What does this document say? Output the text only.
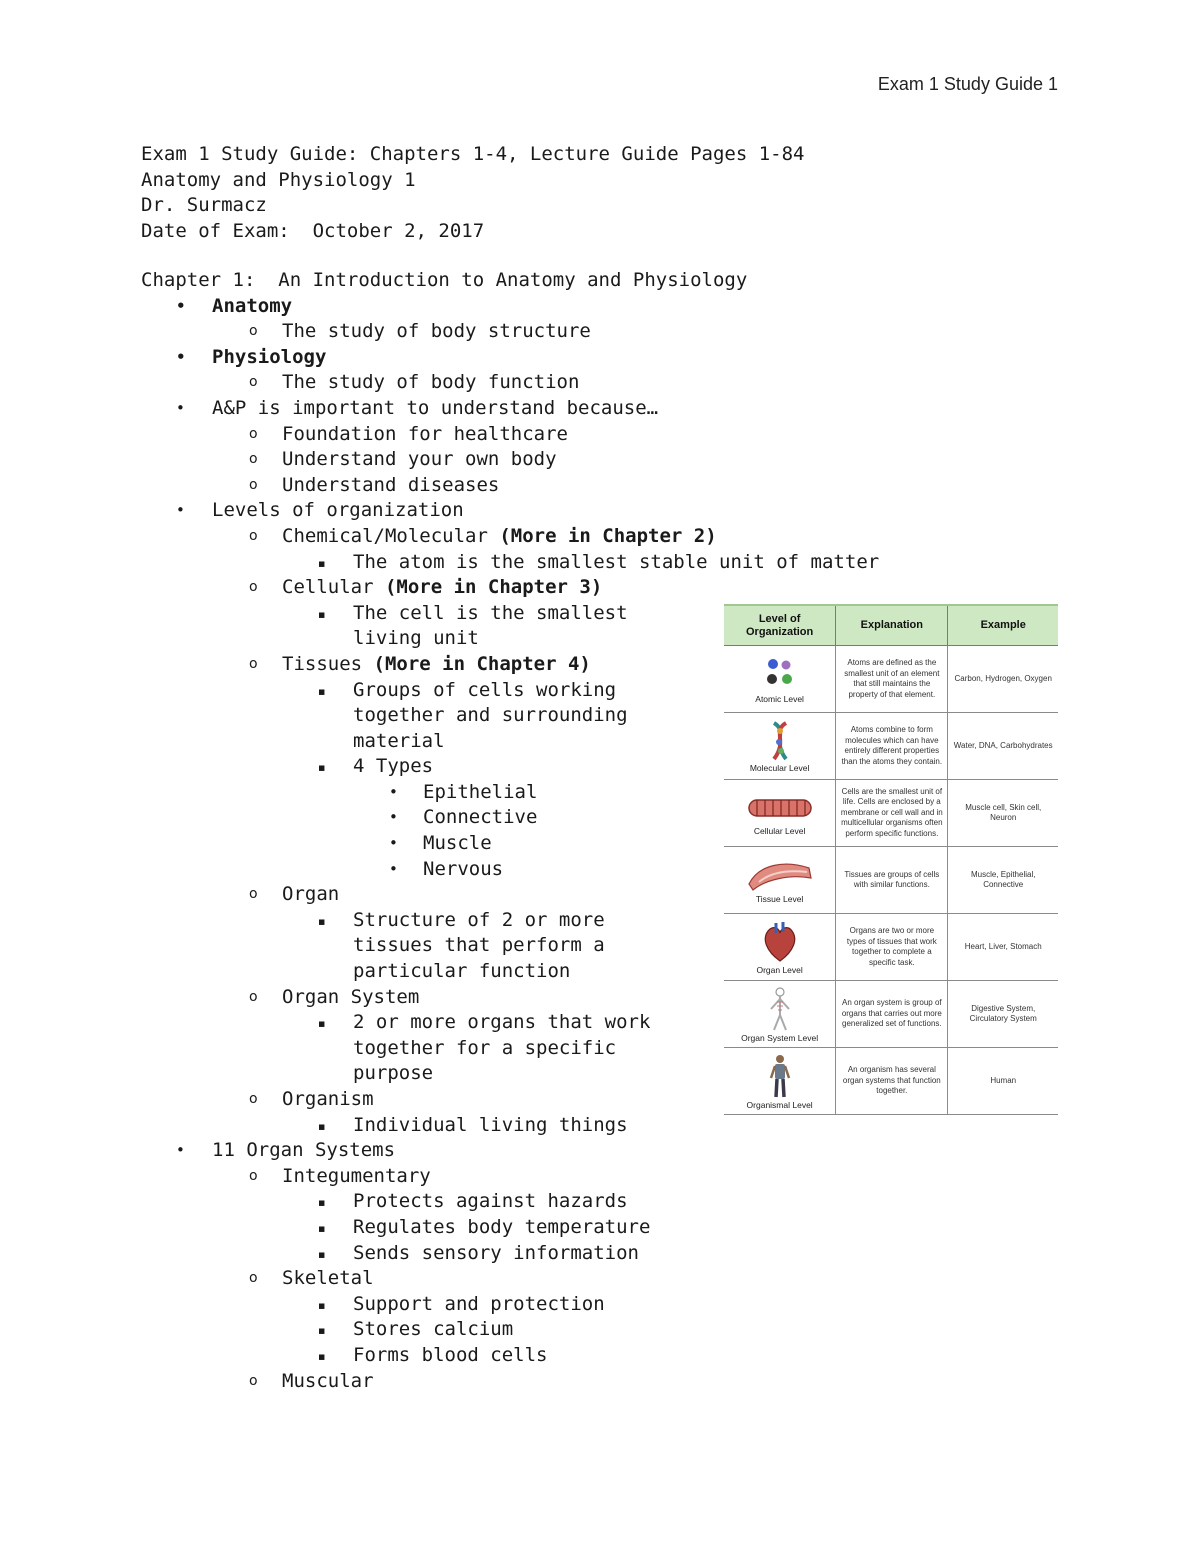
Exam 1 Study Guide 1
Exam 1 Study Guide: Chapters 1-4, Lecture Guide Pages 1-84
Anatomy and Physiology 1
Dr. Surmacz
Date of Exam:  October 2, 2017
Chapter 1:  An Introduction to Anatomy and Physiology
• Anatomy
o The study of body structure
• Physiology
o The study of body function
• A&P is important to understand because…
o Foundation for healthcare
o Understand your own body
o Understand diseases
• Levels of organization
o Chemical/Molecular (More in Chapter 2)
▪ The atom is the smallest stable unit of matter
o Cellular (More in Chapter 3)
▪ The cell is the smallest
living unit
o Tissues (More in Chapter 4)
▪ Groups of cells working
together and surrounding
material
▪ 4 Types
• Epithelial
• Connective
• Muscle
• Nervous
o Organ
▪ Structure of 2 or more
tissues that perform a
particular function
o Organ System
▪ 2 or more organs that work
together for a specific
purpose
o Organism
▪ Individual living things
• 11 Organ Systems
o Integumentary
▪ Protects against hazards
▪ Regulates body temperature
▪ Sends sensory information
o Skeletal
▪ Support and protection
▪ Stores calcium
▪ Forms blood cells
o Muscular
Level of Organization	Explanation	Example

Atomic Level	Atoms are defined as the smallest unit of an element that still maintains the property of that element.	Carbon, Hydrogen, Oxygen

Molecular Level	Atoms combine to form molecules which can have entirely different properties than the atoms they contain.	Water, DNA, Carbohydrates

Cellular Level	Cells are the smallest unit of life. Cells are enclosed by a membrane or cell wall and in multicellular organisms often perform specific functions.	Muscle cell, Skin cell, Neuron

Tissue Level	Tissues are groups of cells with similar functions.	Muscle, Epithelial, Connective

Organ Level	Organs are two or more types of tissues that work together to complete a specific task.	Heart, Liver, Stomach

Organ System Level	An organ system is group of organs that carries out more generalized set of functions.	Digestive System, Circulatory System

Organismal Level	An organism has several organ systems that function together.	Human
